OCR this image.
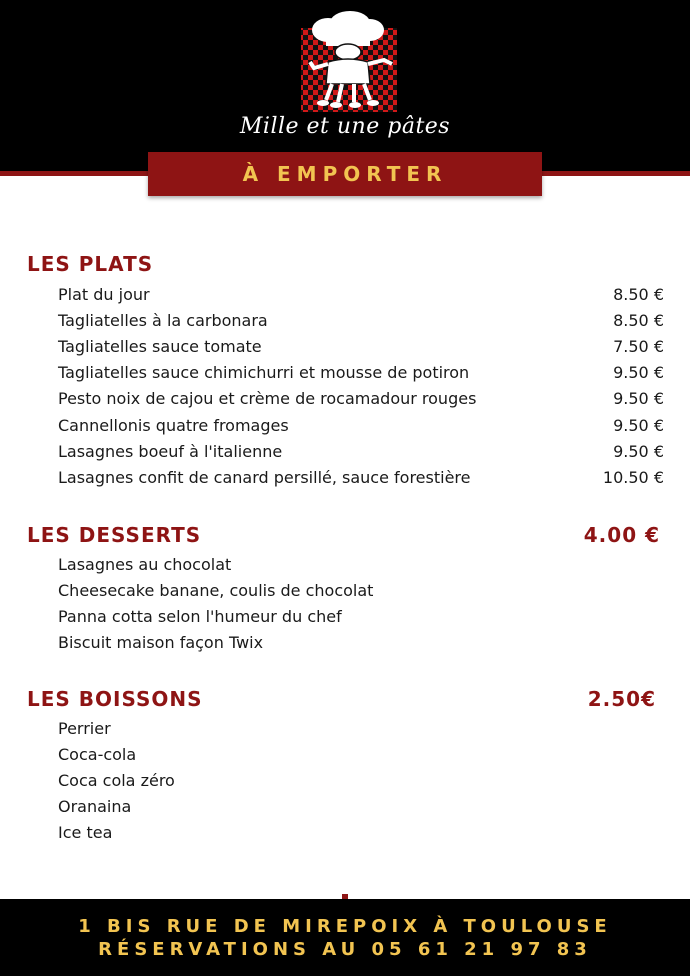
Mille et une pâtes
À EMPORTER
LES PLATS
Plat du jour	8.50 €
Tagliatelles à la carbonara	8.50 €
Tagliatelles sauce tomate	7.50 €
Tagliatelles sauce chimichurri et mousse de potiron	9.50 €
Pesto noix de cajou et crème de rocamadour rouges	9.50 €
Cannellonis quatre fromages	9.50 €
Lasagnes boeuf à l'italienne	9.50 €
Lasagnes confit de canard persillé, sauce forestière	10.50 €
LES DESSERTS	4.00 €
Lasagnes au chocolat
Cheesecake banane, coulis de chocolat
Panna cotta selon l'humeur du chef
Biscuit maison façon Twix
LES BOISSONS	2.50€
Perrier
Coca-cola
Coca cola zéro
Oranaina
Ice tea
1 BIS RUE DE MIREPOIX À TOULOUSE
RÉSERVATIONS AU 05 61 21 97 83
